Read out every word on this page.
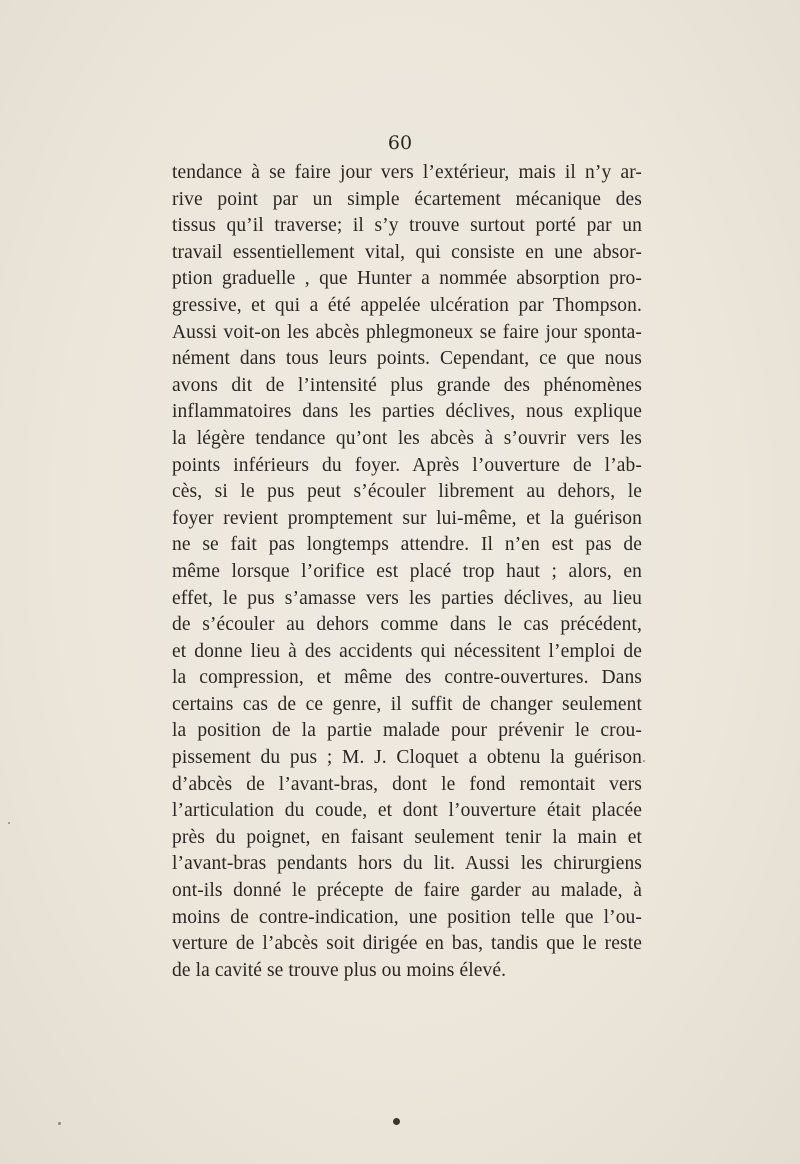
60
tendance à se faire jour vers l’extérieur, mais il n’y ar-
rive point par un simple écartement mécanique des
tissus qu’il traverse; il s’y trouve surtout porté par un
travail essentiellement vital, qui consiste en une absor-
ption graduelle , que Hunter a nommée absorption pro-
gressive, et qui a été appelée ulcération par Thompson.
Aussi voit-on les abcès phlegmoneux se faire jour sponta-
nément dans tous leurs points. Cependant, ce que nous
avons dit de l’intensité plus grande des phénomènes
inflammatoires dans les parties déclives, nous explique
la légère tendance qu’ont les abcès à s’ouvrir vers les
points inférieurs du foyer. Après l’ouverture de l’ab-
cès, si le pus peut s’écouler librement au dehors, le
foyer revient promptement sur lui-même, et la guérison
ne se fait pas longtemps attendre. Il n’en est pas de
même lorsque l’orifice est placé trop haut ; alors, en
effet, le pus s’amasse vers les parties déclives, au lieu
de s’écouler au dehors comme dans le cas précédent,
et donne lieu à des accidents qui nécessitent l’emploi de
la compression, et même des contre-ouvertures. Dans
certains cas de ce genre, il suffit de changer seulement
la position de la partie malade pour prévenir le crou-
pissement du pus ; M. J. Cloquet a obtenu la guérison
d’abcès de l’avant-bras, dont le fond remontait vers
l’articulation du coude, et dont l’ouverture était placée
près du poignet, en faisant seulement tenir la main et
l’avant-bras pendants hors du lit. Aussi les chirurgiens
ont-ils donné le précepte de faire garder au malade, à
moins de contre-indication, une position telle que l’ou-
verture de l’abcès soit dirigée en bas, tandis que le reste
de la cavité se trouve plus ou moins élevé.
